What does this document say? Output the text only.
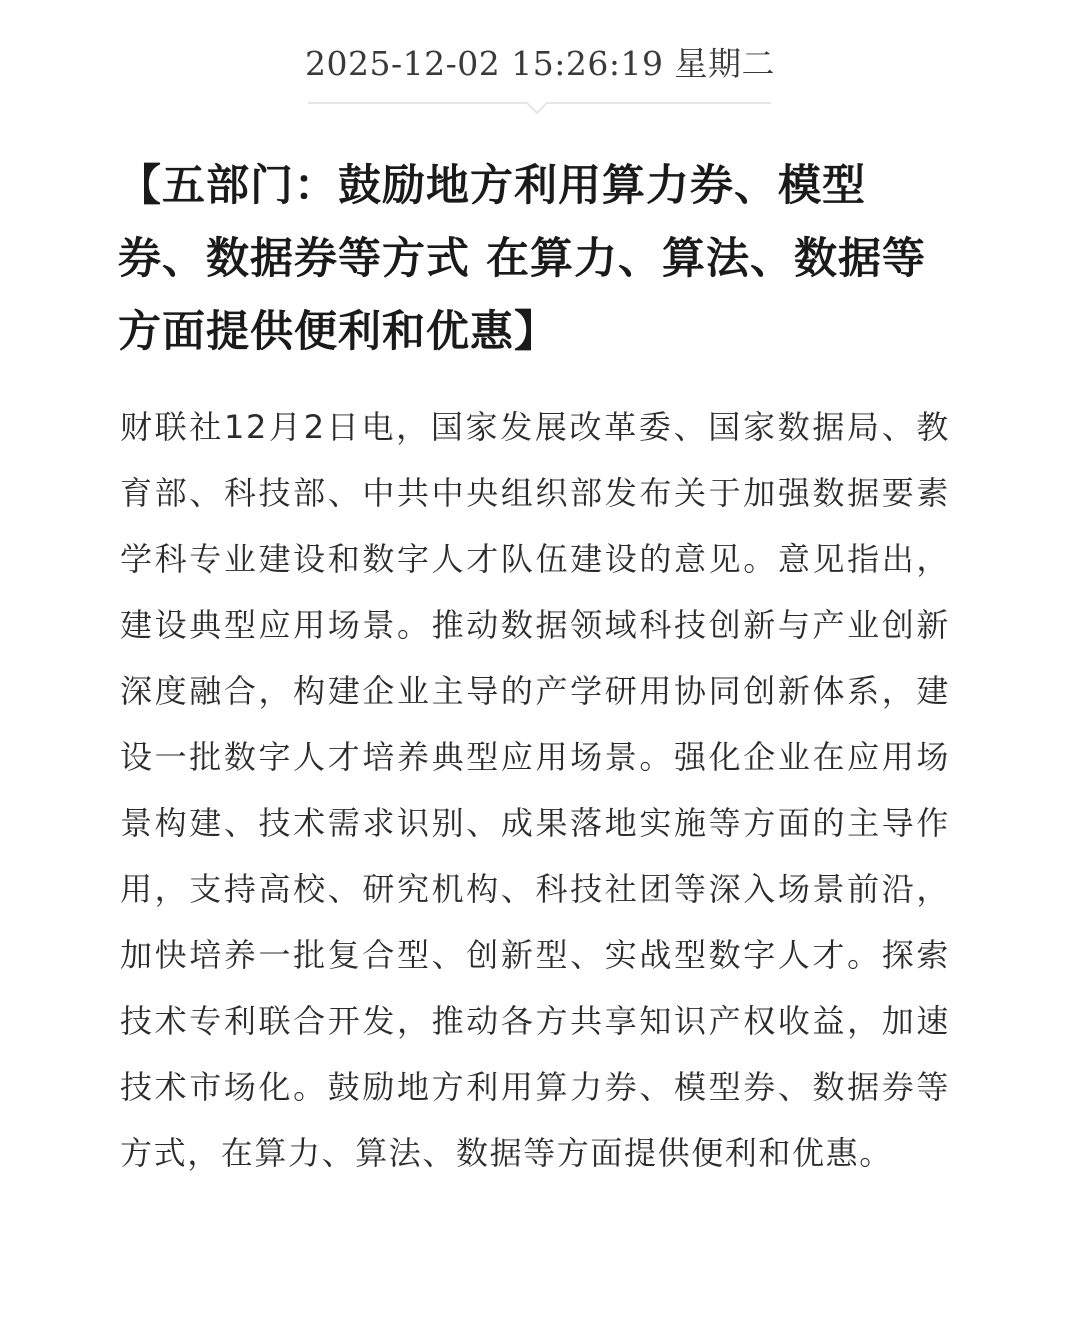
2025-12-02 15:26:19 星期二
【五部门：鼓励地方利用算力券、模型券、数据券等方式 在算力、算法、数据等方面提供便利和优惠】

财联社12月2日电，国家发展改革委、国家数据局、教育部、科技部、中共中央组织部发布关于加强数据要素学科专业建设和数字人才队伍建设的意见。意见指出，建设典型应用场景。推动数据领域科技创新与产业创新深度融合，构建企业主导的产学研用协同创新体系，建设一批数字人才培养典型应用场景。强化企业在应用场景构建、技术需求识别、成果落地实施等方面的主导作用，支持高校、研究机构、科技社团等深入场景前沿，加快培养一批复合型、创新型、实战型数字人才。探索技术专利联合开发，推动各方共享知识产权收益，加速技术市场化。鼓励地方利用算力券、模型券、数据券等方式，在算力、算法、数据等方面提供便利和优惠。
